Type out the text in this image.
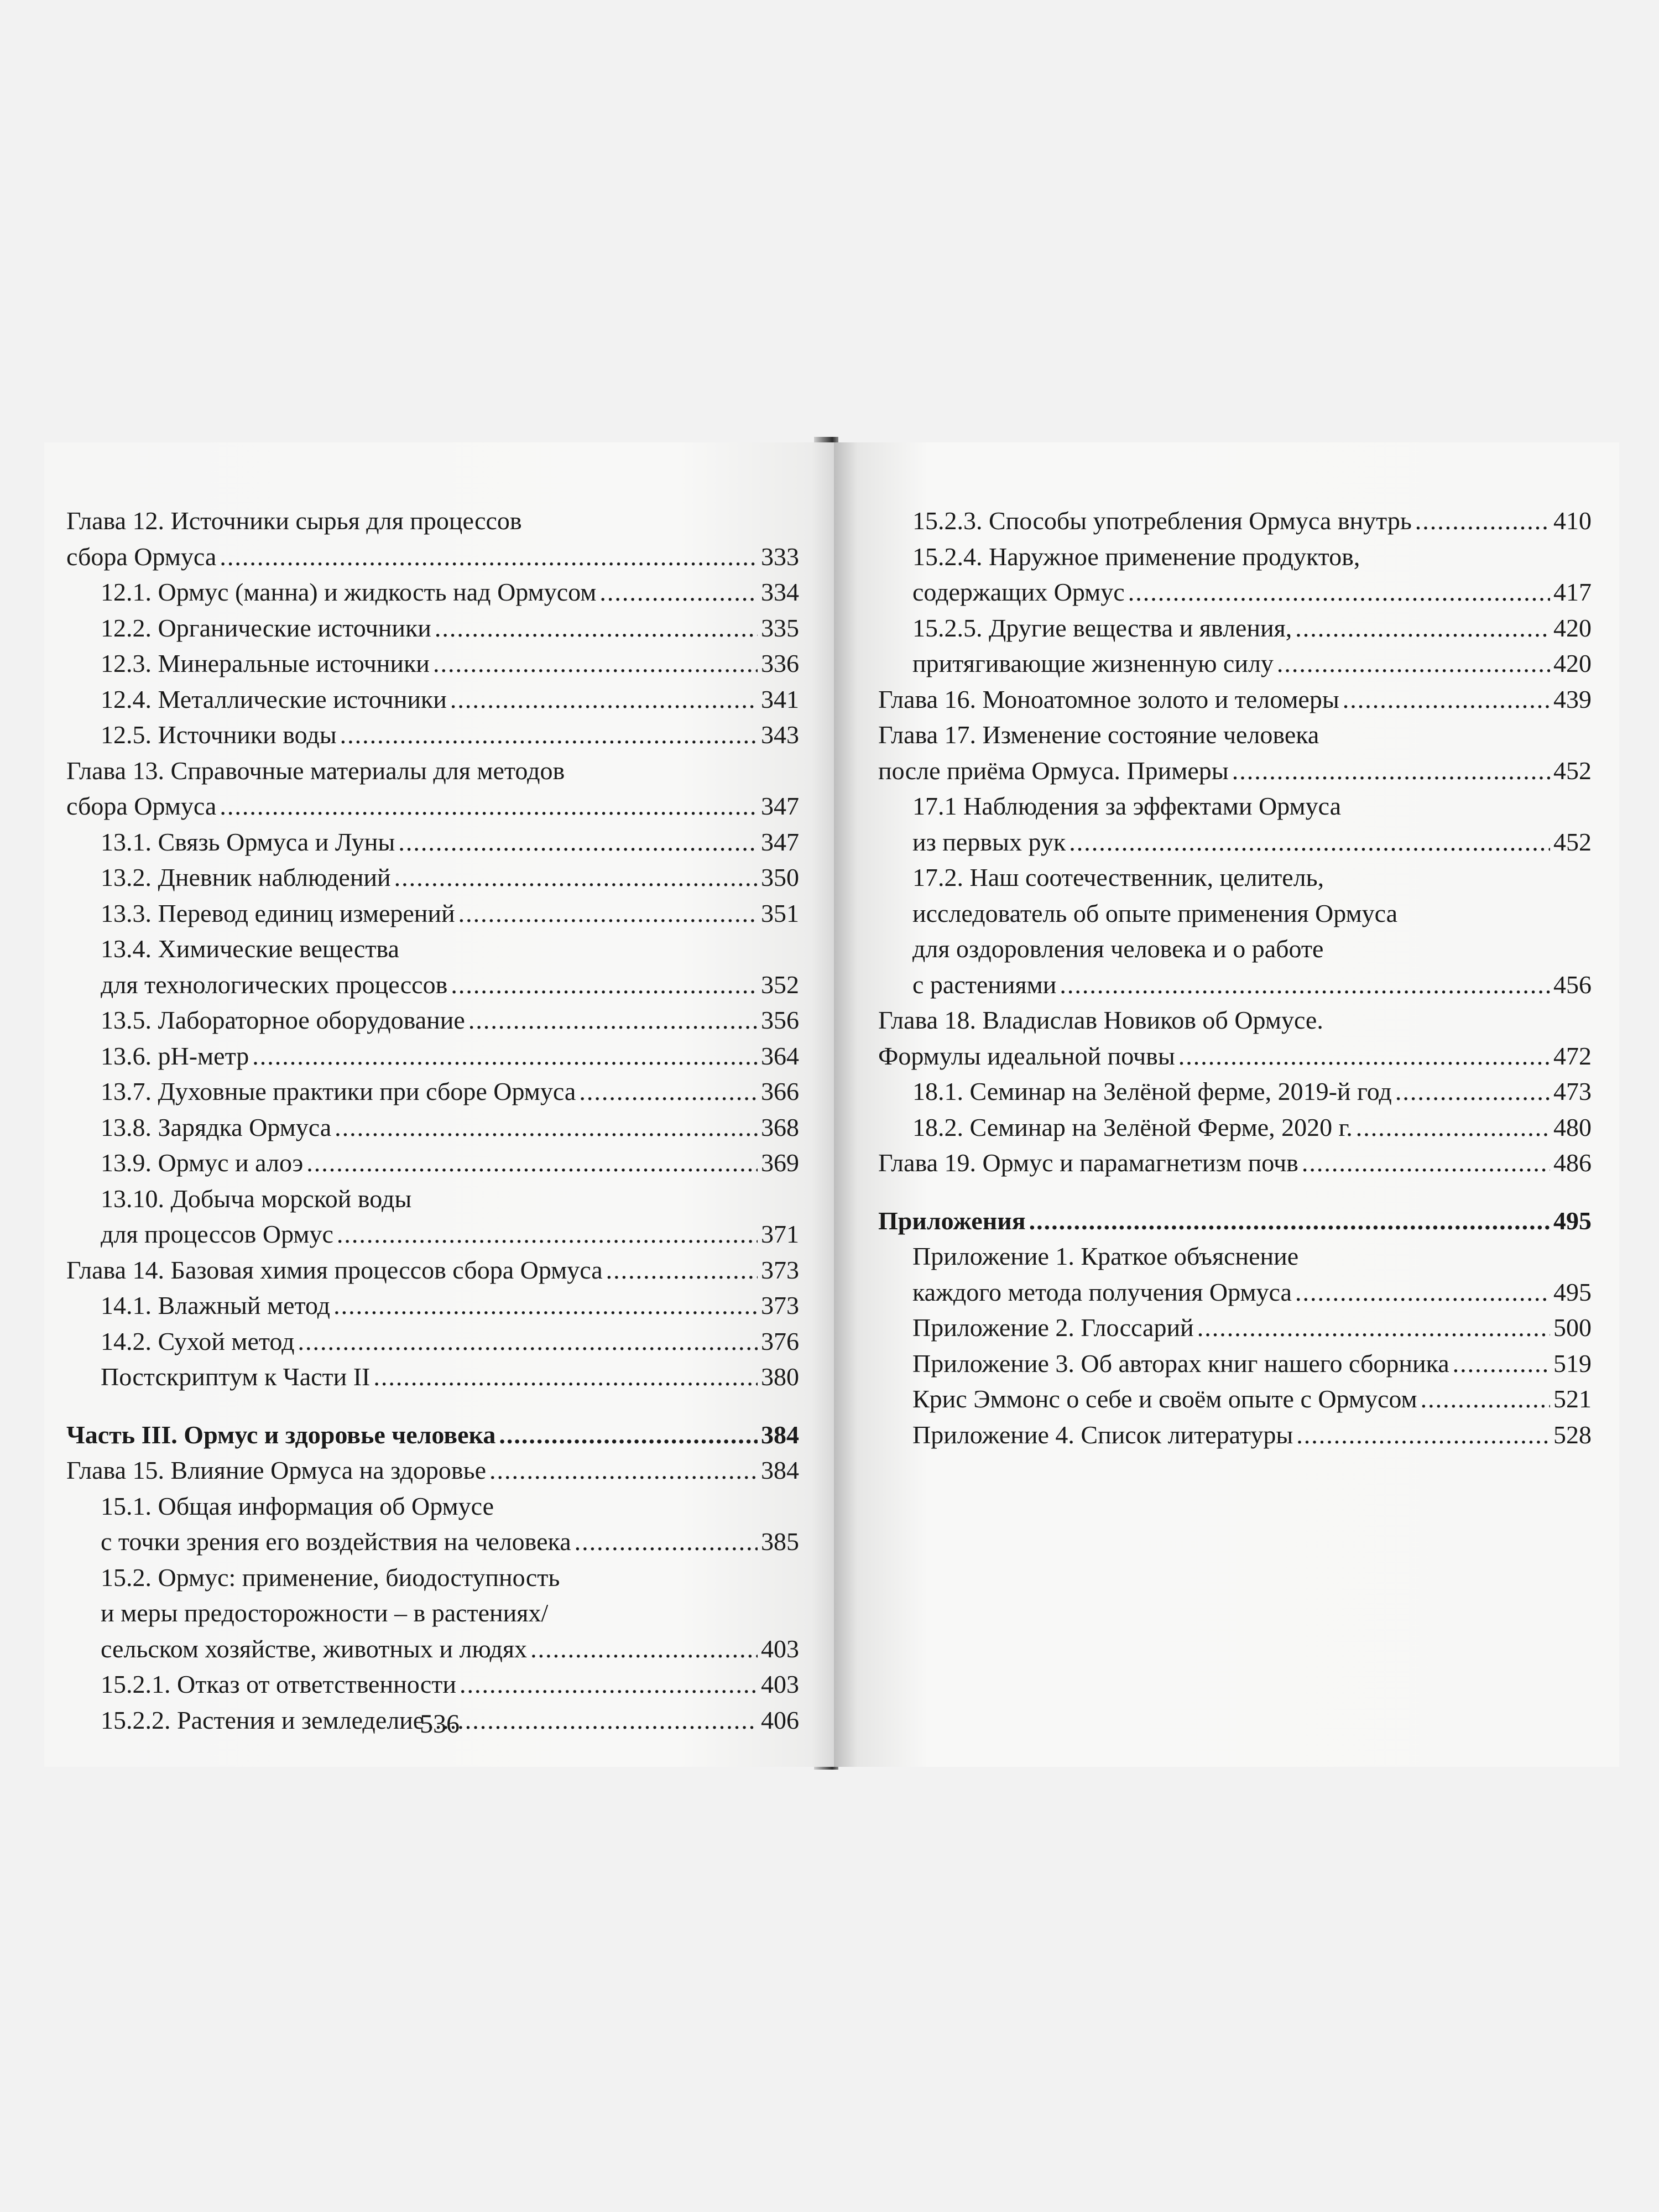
Глава 12. Источники сырья для процессов
сбора Ормуса .....	333
12.1. Ормус (манна) и жидкость над Ормусом .....	334
12.2. Органические источники .....	335
12.3. Минеральные источники .....	336
12.4. Металлические источники .....	341
12.5. Источники воды .....	343
Глава 13. Справочные материалы для методов
сбора Ормуса .....	347
13.1. Связь Ормуса и Луны .....	347
13.2. Дневник наблюдений .....	350
13.3. Перевод единиц измерений .....	351
13.4. Химические вещества
для технологических процессов .....	352
13.5. Лабораторное оборудование .....	356
13.6. pH-метр .....	364
13.7. Духовные практики при сборе Ормуса .....	366
13.8. Зарядка Ормуса .....	368
13.9. Ормус и алоэ .....	369
13.10. Добыча морской воды
для процессов Ормус .....	371
Глава 14. Базовая химия процессов сбора Ормуса .....	373
14.1. Влажный метод .....	373
14.2. Сухой метод .....	376
Постскриптум к Части II .....	380
Часть III. Ормус и здоровье человека .....	384
Глава 15. Влияние Ормуса на здоровье .....	384
15.1. Общая информация об Ормусе
с точки зрения его воздействия на человека .....	385
15.2. Ормус: применение, биодоступность
и меры предосторожности – в растениях/
сельском хозяйстве, животных и людях .....	403
15.2.1. Отказ от ответственности .....	403
15.2.2. Растения и земледелие .....	406
536
15.2.3. Способы употребления Ормуса внутрь .....	410
15.2.4. Наружное применение продуктов,
содержащих Ормус .....	417
15.2.5. Другие вещества и явления, .....	420
притягивающие жизненную силу .....	420
Глава 16. Моноатомное золото и теломеры .....	439
Глава 17. Изменение состояние человека
после приёма Ормуса. Примеры .....	452
17.1 Наблюдения за эффектами Ормуса
из первых рук .....	452
17.2. Наш соотечественник, целитель,
исследователь об опыте применения Ормуса
для оздоровления человека и о работе
с растениями .....	456
Глава 18. Владислав Новиков об Ормусе.
Формулы идеальной почвы .....	472
18.1. Семинар на Зелёной ферме, 2019-й год .....	473
18.2. Семинар на Зелёной Ферме, 2020 г. .....	480
Глава 19. Ормус и парамагнетизм почв .....	486
Приложения .....	495
Приложение 1. Краткое объяснение
каждого метода получения Ормуса .....	495
Приложение 2. Глоссарий .....	500
Приложение 3. Об авторах книг нашего сборника .....	519
Крис Эммонс о себе и своём опыте с Ормусом .....	521
Приложение 4. Список литературы .....	528
